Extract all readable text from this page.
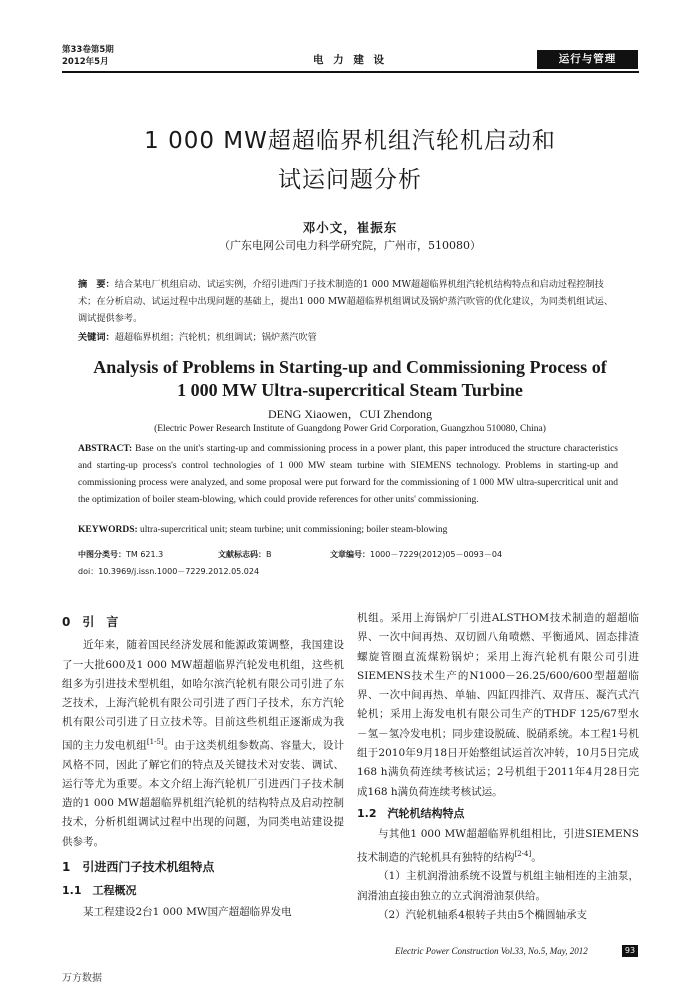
第33卷第5期
2012年5月	电 力 建 设	运行与管理
1 000 MW超超临界机组汽轮机启动和
试运问题分析
邓小文，崔振东
（广东电网公司电力科学研究院，广州市，510080）
摘　要：结合某电厂机组启动、试运实例，介绍引进西门子技术制造的1 000 MW超超临界机组汽轮机结构特点和启动过程控制技术；在分析启动、试运过程中出现问题的基础上，提出1 000 MW超超临界机组调试及锅炉蒸汽吹管的优化建议，为同类机组试运、调试提供参考。
关键词：超超临界机组；汽轮机；机组调试；锅炉蒸汽吹管
Analysis of Problems in Starting-up and Commissioning Process of
1 000 MW Ultra-supercritical Steam Turbine
DENG Xiaowen，CUI Zhendong
(Electric Power Research Institute of Guangdong Power Grid Corporation, Guangzhou 510080, China)
ABSTRACT: Base on the unit's starting-up and commissioning process in a power plant, this paper introduced the structure characteristics and starting-up process's control technologies of 1 000 MW steam turbine with SIEMENS technology. Problems in starting-up and commissioning process were analyzed, and some proposal were put forward for the commissioning of 1 000 MW ultra-supercritical unit and the optimization of boiler steam-blowing, which could provide references for other units' commissioning.
KEYWORDS: ultra-supercritical unit; steam turbine; unit commissioning; boiler steam-blowing
中图分类号：TM 621.3	文献标志码：B	文章编号：1000－7229(2012)05－0093－04
doi：10.3969/j.issn.1000－7229.2012.05.024
0　引　言

近年来，随着国民经济发展和能源政策调整，我国建设了一大批600及1 000 MW超超临界汽轮发电机组，这些机组多为引进技术型机组，如哈尔滨汽轮机有限公司引进了东芝技术，上海汽轮机有限公司引进了西门子技术，东方汽轮机有限公司引进了日立技术等。目前这些机组正逐渐成为我国的主力发电机组[1-5]。由于这类机组参数高、容量大，设计风格不同，因此了解它们的特点及关键技术对安装、调试、运行等尤为重要。本文介绍上海汽轮机厂引进西门子技术制造的1 000 MW超超临界机组汽轮机的结构特点及启动控制技术，分析机组调试过程中出现的问题，为同类电站建设提供参考。

1　引进西门子技术机组特点
1.1　工程概况

某工程建设2台1 000 MW国产超超临界发电

机组。采用上海锅炉厂引进ALSTHOM技术制造的超超临界、一次中间再热、双切圆八角喷燃、平衡通风、固态排渣螺旋管圈直流煤粉锅炉；采用上海汽轮机有限公司引进SIEMENS技术生产的N1000－26.25/600/600型超超临界、一次中间再热、单轴、四缸四排汽、双背压、凝汽式汽轮机；采用上海发电机有限公司生产的THDF 125/67型水－氢－氢冷发电机；同步建设脱硫、脱硝系统。本工程1号机组于2010年9月18日开始整组试运首次冲转，10月5日完成168 h满负荷连续考核试运；2号机组于2011年4月28日完成168 h满负荷连续考核试运。

1.2　汽轮机结构特点

与其他1 000 MW超超临界机组相比，引进SIEMENS技术制造的汽轮机具有独特的结构[2-4]。

（1）主机润滑油系统不设置与机组主轴相连的主油泵，润滑油直接由独立的立式润滑油泵供给。

（2）汽轮机轴系4根转子共由5个椭圆轴承支

Electric Power Construction Vol.33, No.5, May, 2012	93
万方数据
